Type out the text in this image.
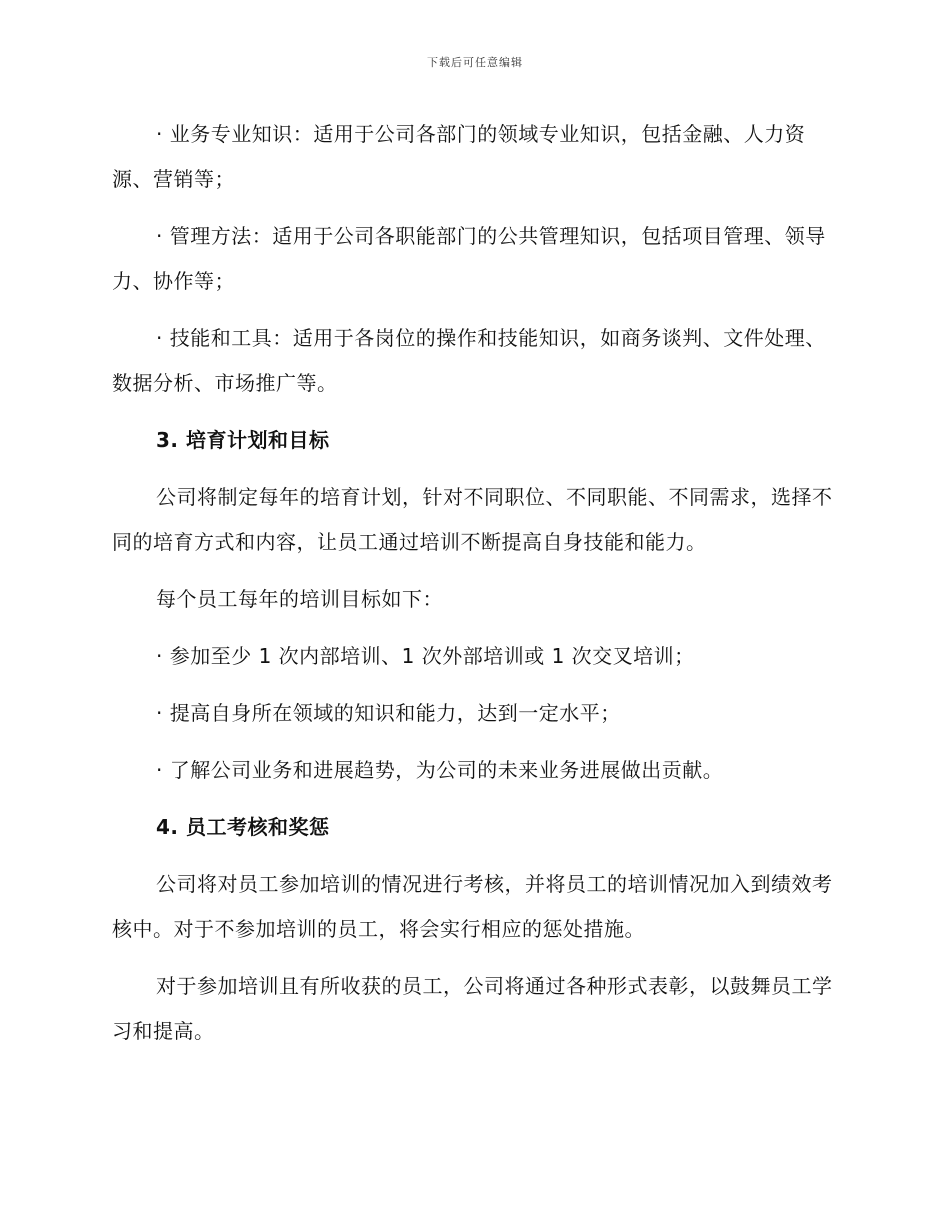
下载后可任意编辑

· 业务专业知识：适用于公司各部门的领域专业知识，包括金融、人力资源、营销等；

· 管理方法：适用于公司各职能部门的公共管理知识，包括项目管理、领导力、协作等；

· 技能和工具：适用于各岗位的操作和技能知识，如商务谈判、文件处理、数据分析、市场推广等。

3. 培育计划和目标

公司将制定每年的培育计划，针对不同职位、不同职能、不同需求，选择不同的培育方式和内容，让员工通过培训不断提高自身技能和能力。

每个员工每年的培训目标如下：

· 参加至少 1 次内部培训、1 次外部培训或 1 次交叉培训；

· 提高自身所在领域的知识和能力，达到一定水平；

· 了解公司业务和进展趋势，为公司的未来业务进展做出贡献。

4. 员工考核和奖惩

公司将对员工参加培训的情况进行考核，并将员工的培训情况加入到绩效考核中。对于不参加培训的员工，将会实行相应的惩处措施。

对于参加培训且有所收获的员工，公司将通过各种形式表彰，以鼓舞员工学习和提高。
